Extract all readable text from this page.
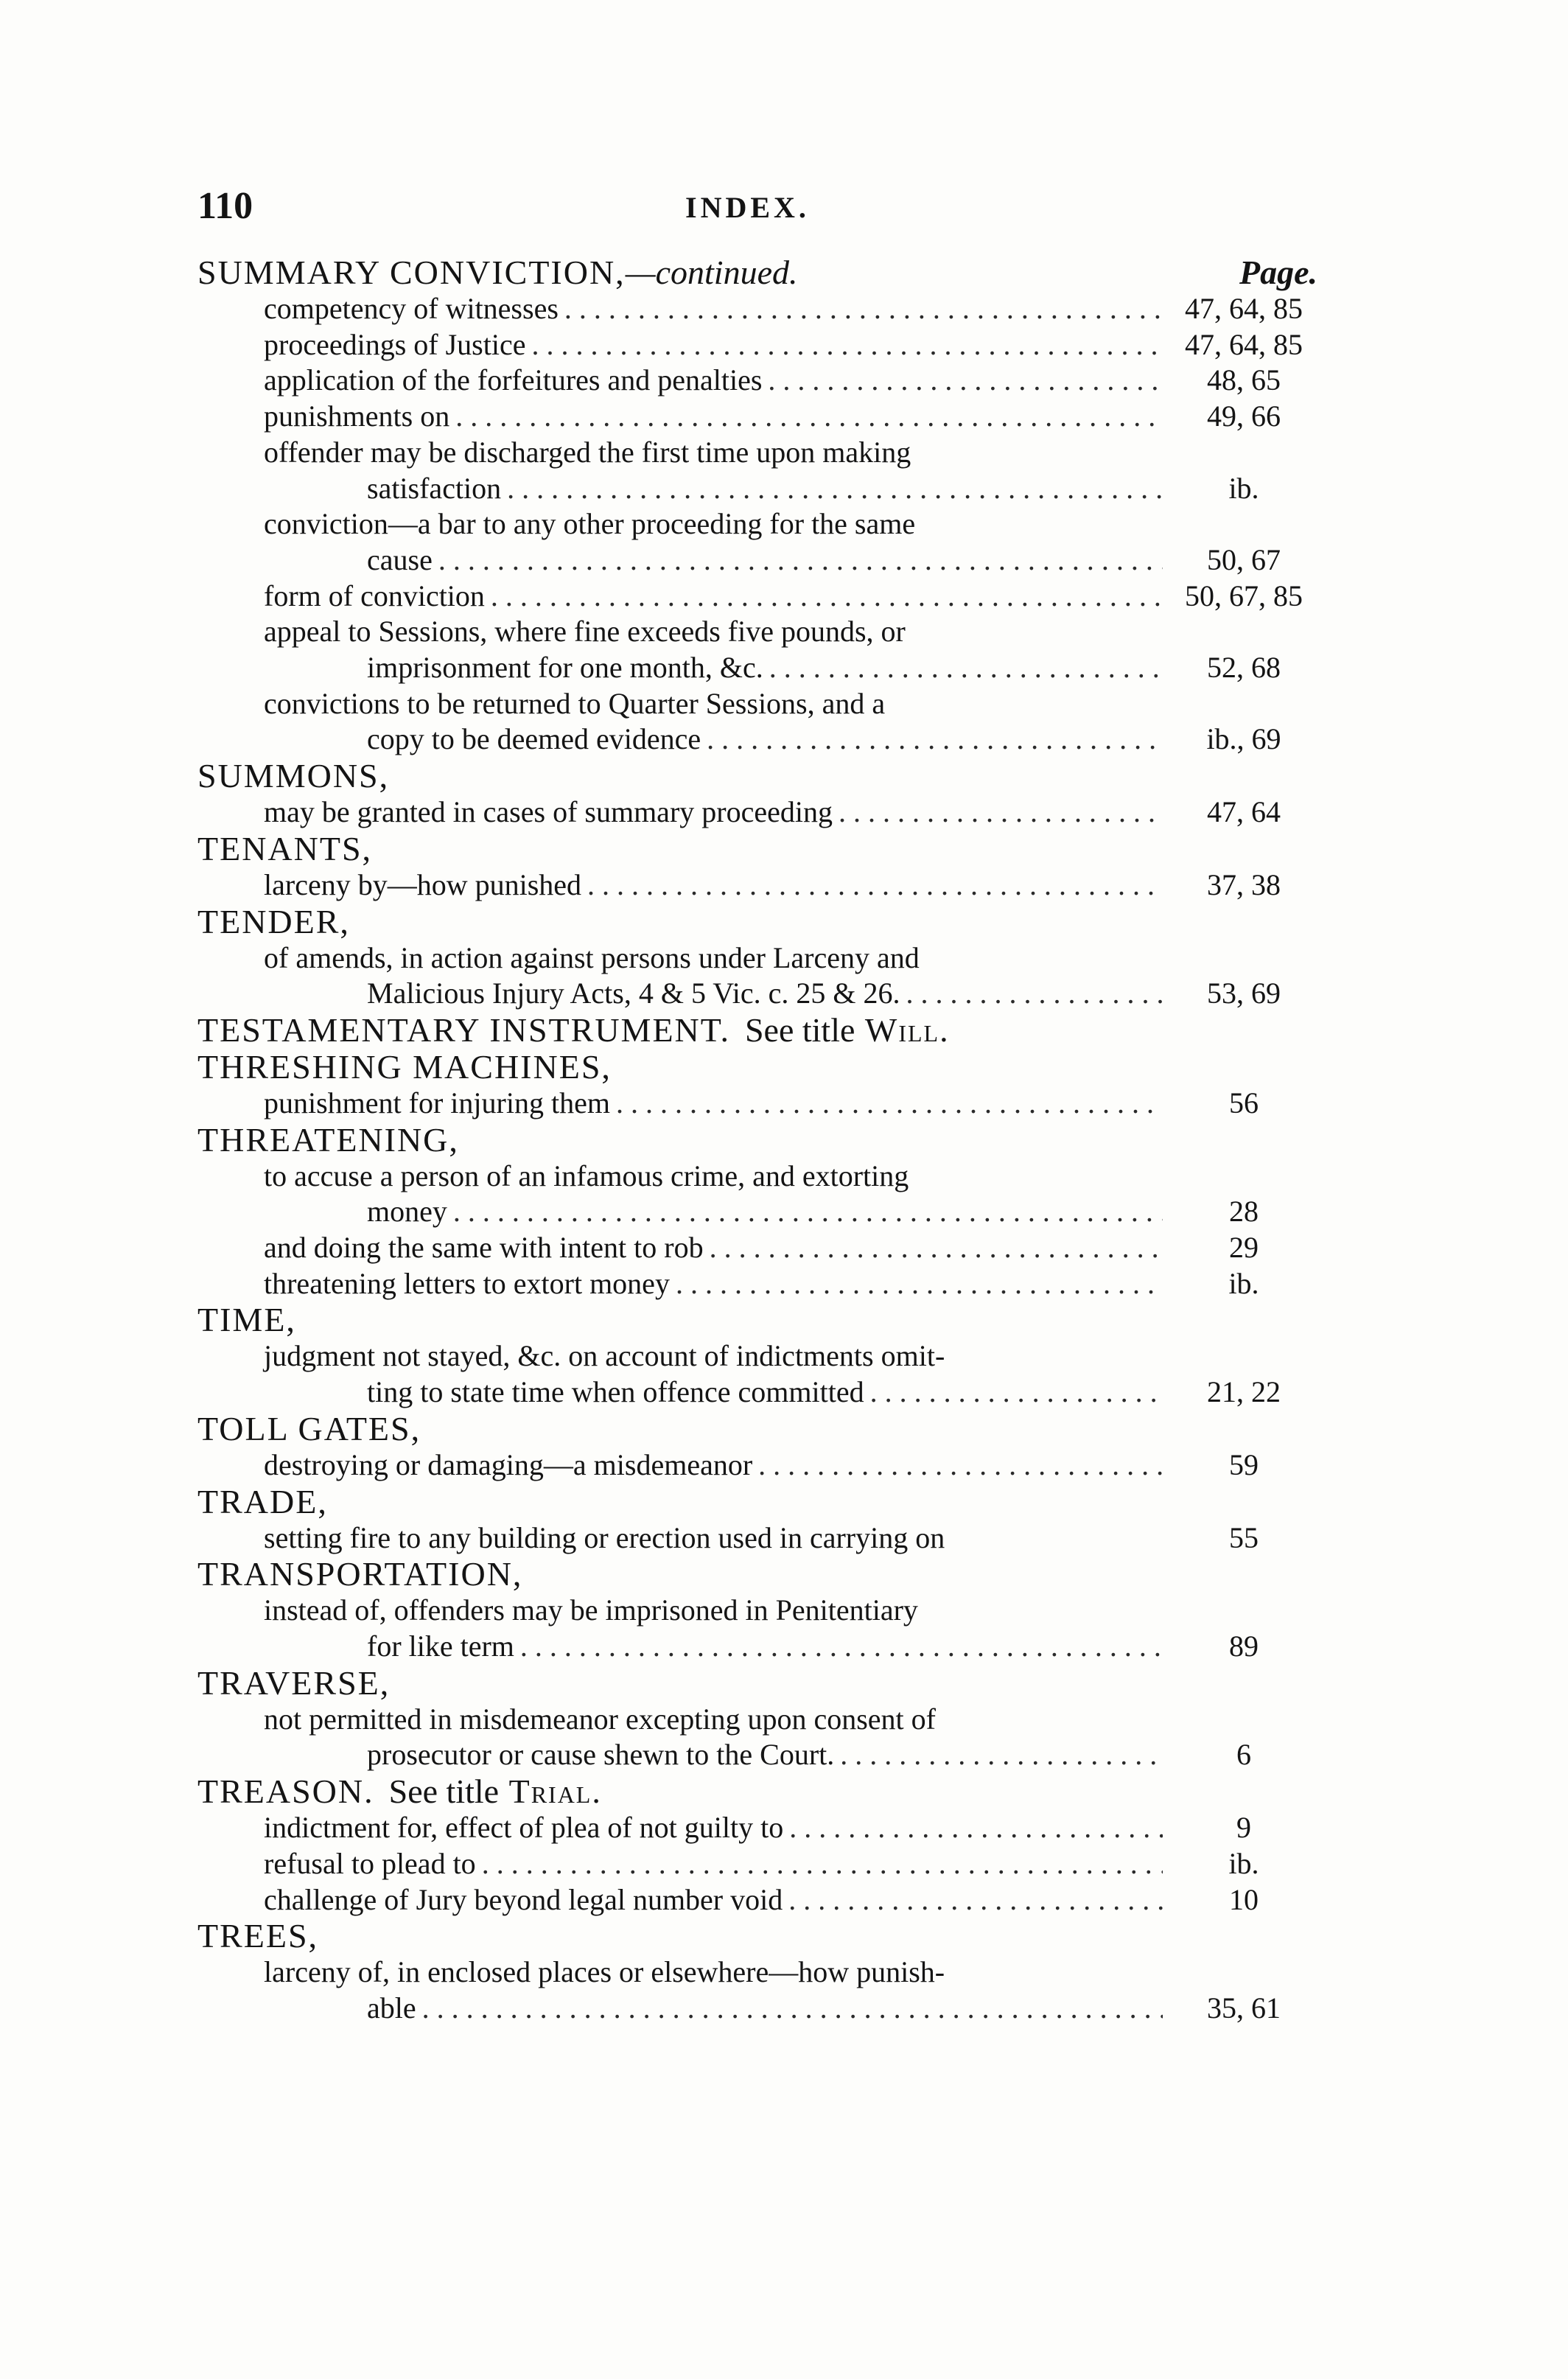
110	INDEX.
SUMMARY CONVICTION,—continued.	Page.
competency of witnesses . . .	47, 64, 85
proceedings of Justice . . .	47, 64, 85
application of the forfeitures and penalties . . .	48, 65
punishments on . . .	49, 66
offender may be discharged the first time upon making
satisfaction . . .	ib.
conviction—a bar to any other proceeding for the same
cause . . .	50, 67
form of conviction . . .	50, 67, 85
appeal to Sessions, where fine exceeds five pounds, or
imprisonment for one month, &c. . . .	52, 68
convictions to be returned to Quarter Sessions, and a
copy to be deemed evidence . . .	ib., 69
SUMMONS,
may be granted in cases of summary proceeding . . .	47, 64
TENANTS,
larceny by—how punished . . .	37, 38
TENDER,
of amends, in action against persons under Larceny and
Malicious Injury Acts, 4 & 5 Vic. c. 25 & 26. . . .	53, 69
TESTAMENTARY INSTRUMENT. See title Will.
THRESHING MACHINES,
punishment for injuring them . . .	56
THREATENING,
to accuse a person of an infamous crime, and extorting
money . . .	28
and doing the same with intent to rob . . .	29
threatening letters to extort money . . .	ib.
TIME,
judgment not stayed, &c. on account of indictments omit-
ting to state time when offence committed . . .	21, 22
TOLL GATES,
destroying or damaging—a misdemeanor . . .	59
TRADE,
setting fire to any building or erection used in carrying on	55
TRANSPORTATION,
instead of, offenders may be imprisoned in Penitentiary
for like term . . .	89
TRAVERSE,
not permitted in misdemeanor excepting upon consent of
prosecutor or cause shewn to the Court. . . .	6
TREASON. See title Trial.
indictment for, effect of plea of not guilty to . . .	9
refusal to plead to . . .	ib.
challenge of Jury beyond legal number void . . .	10
TREES,
larceny of, in enclosed places or elsewhere—how punish-
able . . .	35, 61
